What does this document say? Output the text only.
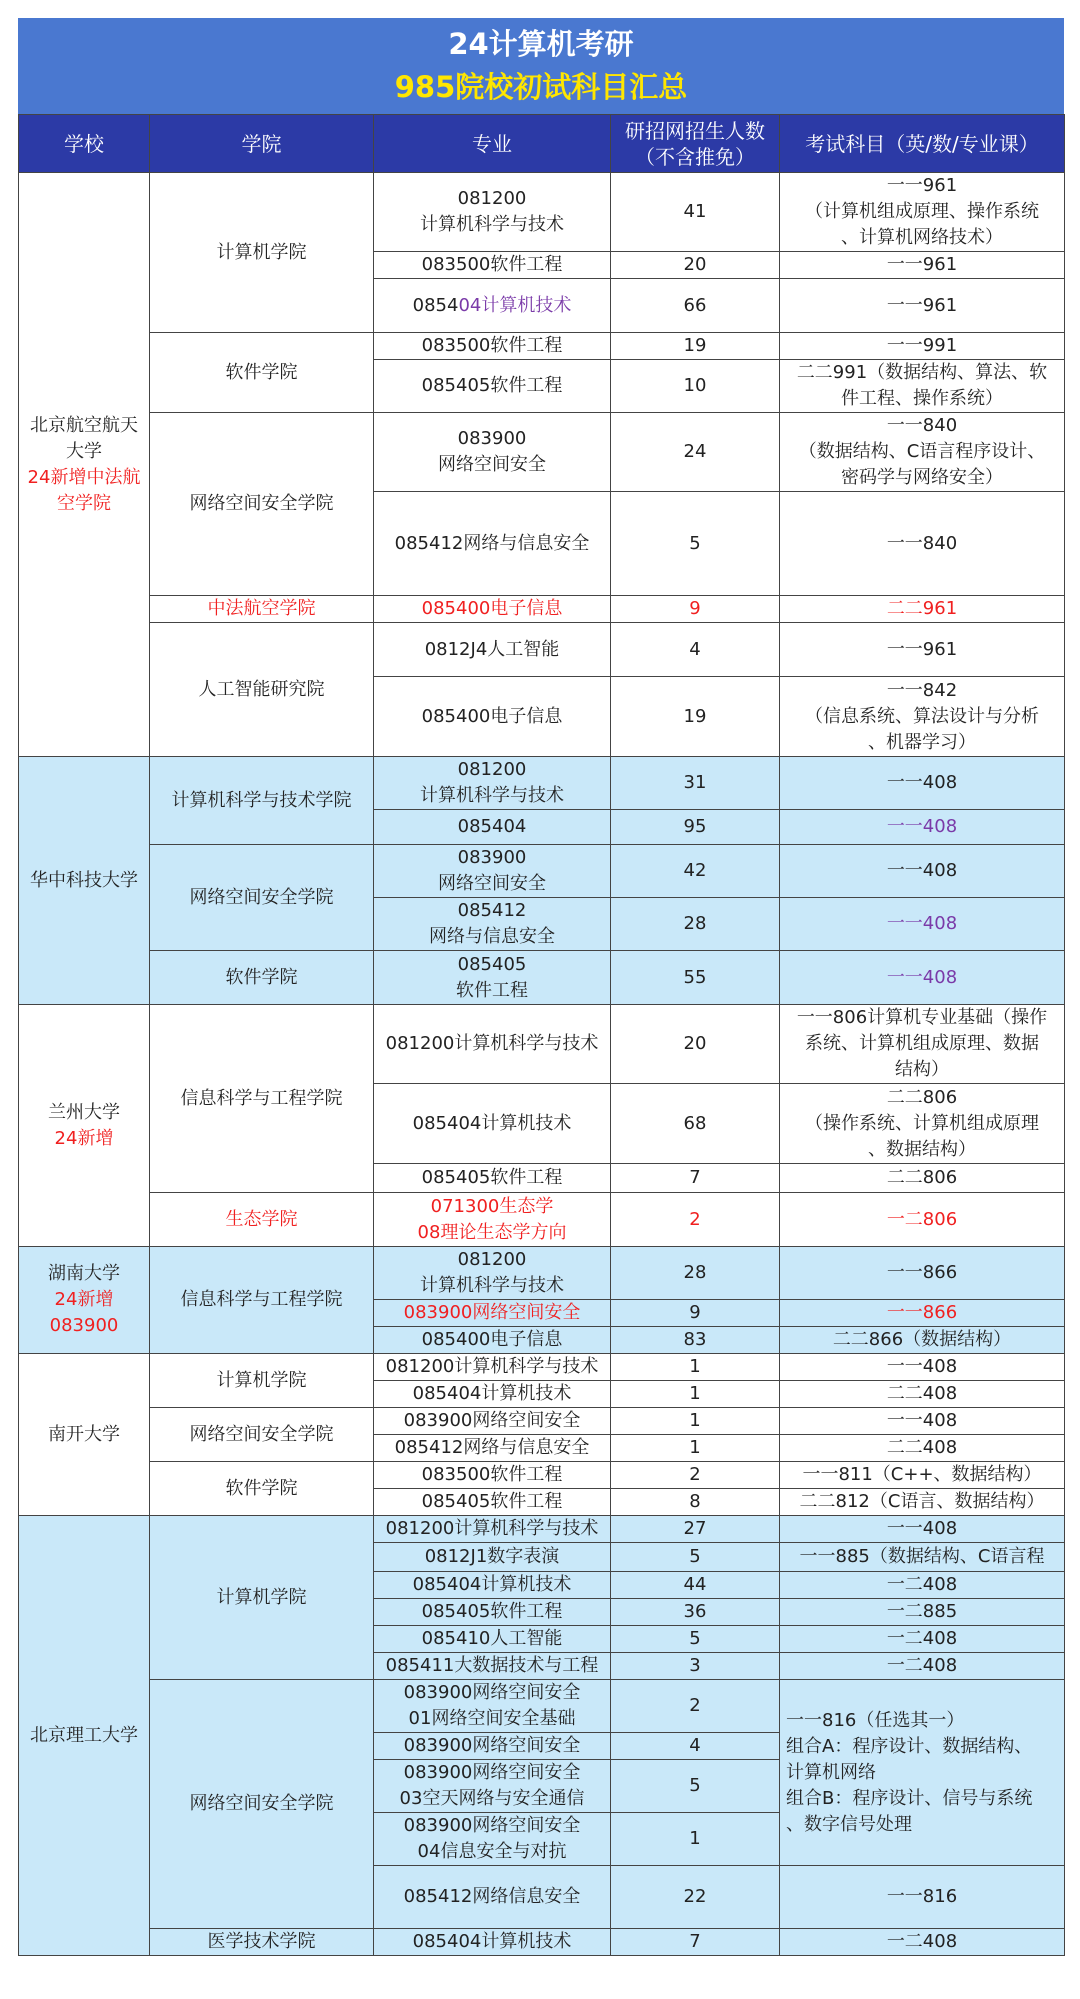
24计算机考研
985院校初试科目汇总
学校	学院	专业	研招网招生人数
（不含推免）	考试科目（英/数/专业课）
北京航空航天
大学
24新增中法航
空学院	计算机学院	081200
计算机科学与技术	41	一一961
（计算机组成原理、操作系统
、计算机网络技术）
		083500软件工程	20	一一961
		085404计算机技术	66	一一961
	软件学院	083500软件工程	19	一一991
		085405软件工程	10	二二991（数据结构、算法、软
件工程、操作系统）
	网络空间安全学院	083900
网络空间安全	24	一一840
（数据结构、C语言程序设计、
密码学与网络安全）
		085412网络与信息安全	5	一一840
	中法航空学院	085400电子信息	9	二二961
	人工智能研究院	0812J4人工智能	4	一一961
		085400电子信息	19	一一842
（信息系统、算法设计与分析
、机器学习）
华中科技大学	计算机科学与技术学院	081200
计算机科学与技术	31	一一408
		085404	95	一一408
	网络空间安全学院	083900
网络空间安全	42	一一408
		085412
网络与信息安全	28	一一408
	软件学院	085405
软件工程	55	一一408
兰州大学
24新增	信息科学与工程学院	081200计算机科学与技术	20	一一806计算机专业基础（操作
系统、计算机组成原理、数据
结构）
		085404计算机技术	68	二二806
（操作系统、计算机组成原理
、数据结构）
		085405软件工程	7	二二806
	生态学院	071300生态学
08理论生态学方向	2	一二806
湖南大学
24新增083900	信息科学与工程学院	081200
计算机科学与技术	28	一一866
		083900网络空间安全	9	一一866
		085400电子信息	83	二二866（数据结构）
南开大学	计算机学院	081200计算机科学与技术	1	一一408
		085404计算机技术	1	二二408
	网络空间安全学院	083900网络空间安全	1	一一408
		085412网络与信息安全	1	二二408
	软件学院	083500软件工程	2	一一811（C++、数据结构）
		085405软件工程	8	二二812（C语言、数据结构）
北京理工大学	计算机学院	081200计算机科学与技术	27	一一408
		0812J1数字表演	5	一一885（数据结构、C语言程
		085404计算机技术	44	一二408
		085405软件工程	36	一二885
		085410人工智能	5	一二408
		085411大数据技术与工程	3	一二408
	网络空间安全学院	083900网络空间安全
01网络空间安全基础	2	一一816（任选其一）
组合A：程序设计、数据结构、
计算机网络
组合B：程序设计、信号与系统
、数字信号处理
		083900网络空间安全	4	
		083900网络空间安全
03空天网络与安全通信	5	
		083900网络空间安全
04信息安全与对抗	1	
		085412网络信息安全	22	一一816
	医学技术学院	085404计算机技术	7	一二408
